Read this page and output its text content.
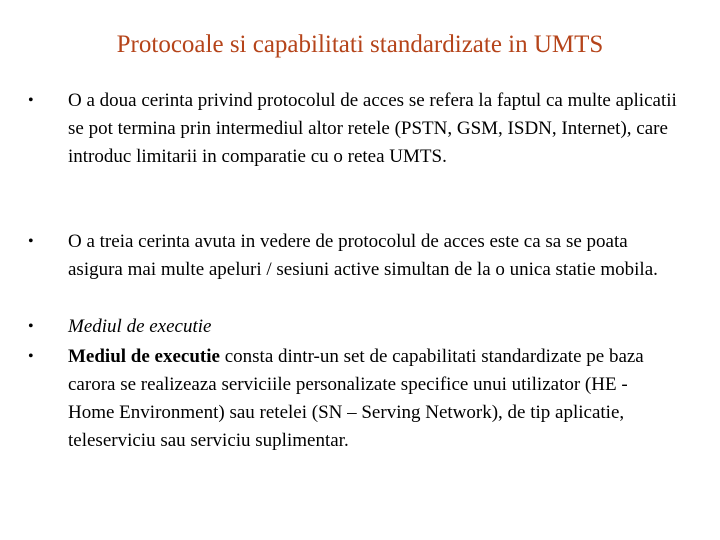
Protocoale si capabilitati standardizate in UMTS
• O a doua cerinta privind protocolul de acces se refera la faptul ca multe aplicatii se pot termina prin intermediul altor retele (PSTN, GSM, ISDN, Internet), care introduc limitarii in comparatie cu o retea UMTS.
• O a treia cerinta avuta in vedere de protocolul de acces este ca sa se poata asigura mai multe apeluri / sesiuni active simultan de la o unica statie mobila.
• Mediul de executie
• Mediul de executie consta dintr-un set de capabilitati standardizate pe baza carora se realizeaza serviciile personalizate specifice unui utilizator (HE - Home Environment) sau retelei (SN – Serving Network), de tip aplicatie, teleserviciu sau serviciu suplimentar.
